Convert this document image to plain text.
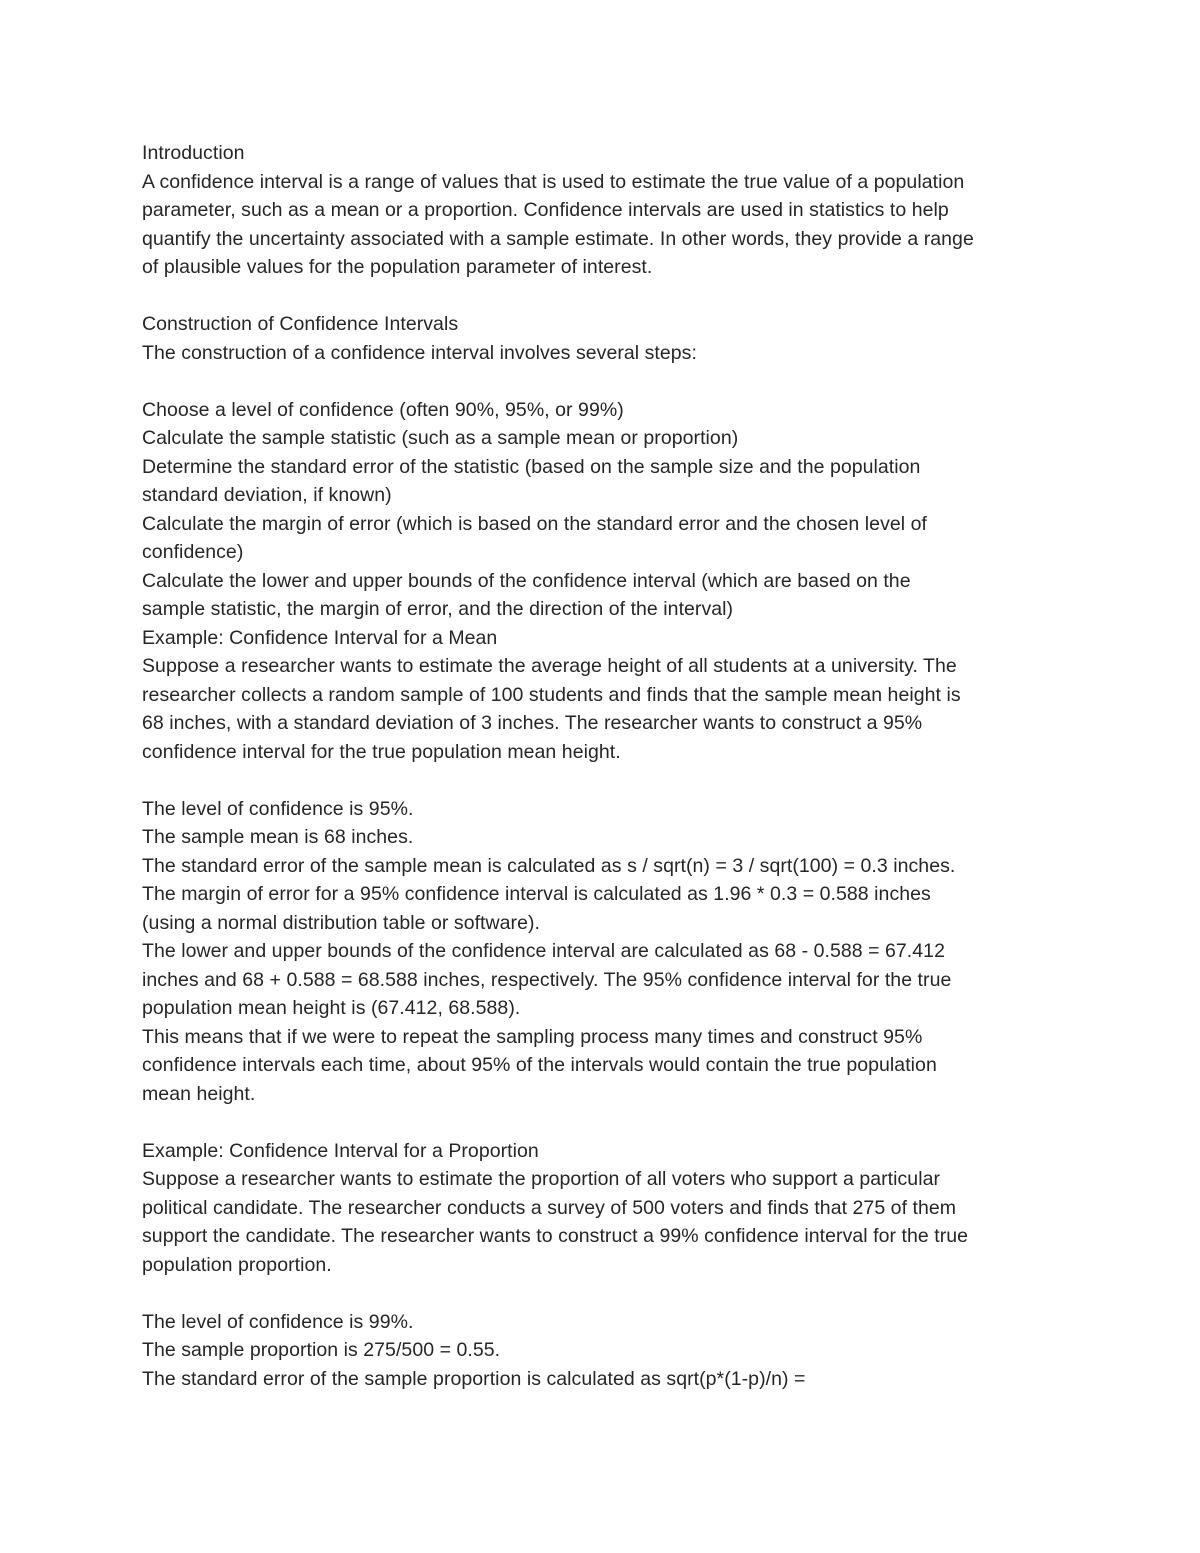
Introduction
A confidence interval is a range of values that is used to estimate the true value of a population
parameter, such as a mean or a proportion. Confidence intervals are used in statistics to help
quantify the uncertainty associated with a sample estimate. In other words, they provide a range
of plausible values for the population parameter of interest.
Construction of Confidence Intervals
The construction of a confidence interval involves several steps:
Choose a level of confidence (often 90%, 95%, or 99%)
Calculate the sample statistic (such as a sample mean or proportion)
Determine the standard error of the statistic (based on the sample size and the population
standard deviation, if known)
Calculate the margin of error (which is based on the standard error and the chosen level of
confidence)
Calculate the lower and upper bounds of the confidence interval (which are based on the
sample statistic, the margin of error, and the direction of the interval)
Example: Confidence Interval for a Mean
Suppose a researcher wants to estimate the average height of all students at a university. The
researcher collects a random sample of 100 students and finds that the sample mean height is
68 inches, with a standard deviation of 3 inches. The researcher wants to construct a 95%
confidence interval for the true population mean height.
The level of confidence is 95%.
The sample mean is 68 inches.
The standard error of the sample mean is calculated as s / sqrt(n) = 3 / sqrt(100) = 0.3 inches.
The margin of error for a 95% confidence interval is calculated as 1.96 * 0.3 = 0.588 inches
(using a normal distribution table or software).
The lower and upper bounds of the confidence interval are calculated as 68 - 0.588 = 67.412
inches and 68 + 0.588 = 68.588 inches, respectively. The 95% confidence interval for the true
population mean height is (67.412, 68.588).
This means that if we were to repeat the sampling process many times and construct 95%
confidence intervals each time, about 95% of the intervals would contain the true population
mean height.
Example: Confidence Interval for a Proportion
Suppose a researcher wants to estimate the proportion of all voters who support a particular
political candidate. The researcher conducts a survey of 500 voters and finds that 275 of them
support the candidate. The researcher wants to construct a 99% confidence interval for the true
population proportion.
The level of confidence is 99%.
The sample proportion is 275/500 = 0.55.
The standard error of the sample proportion is calculated as sqrt(p*(1-p)/n) =
